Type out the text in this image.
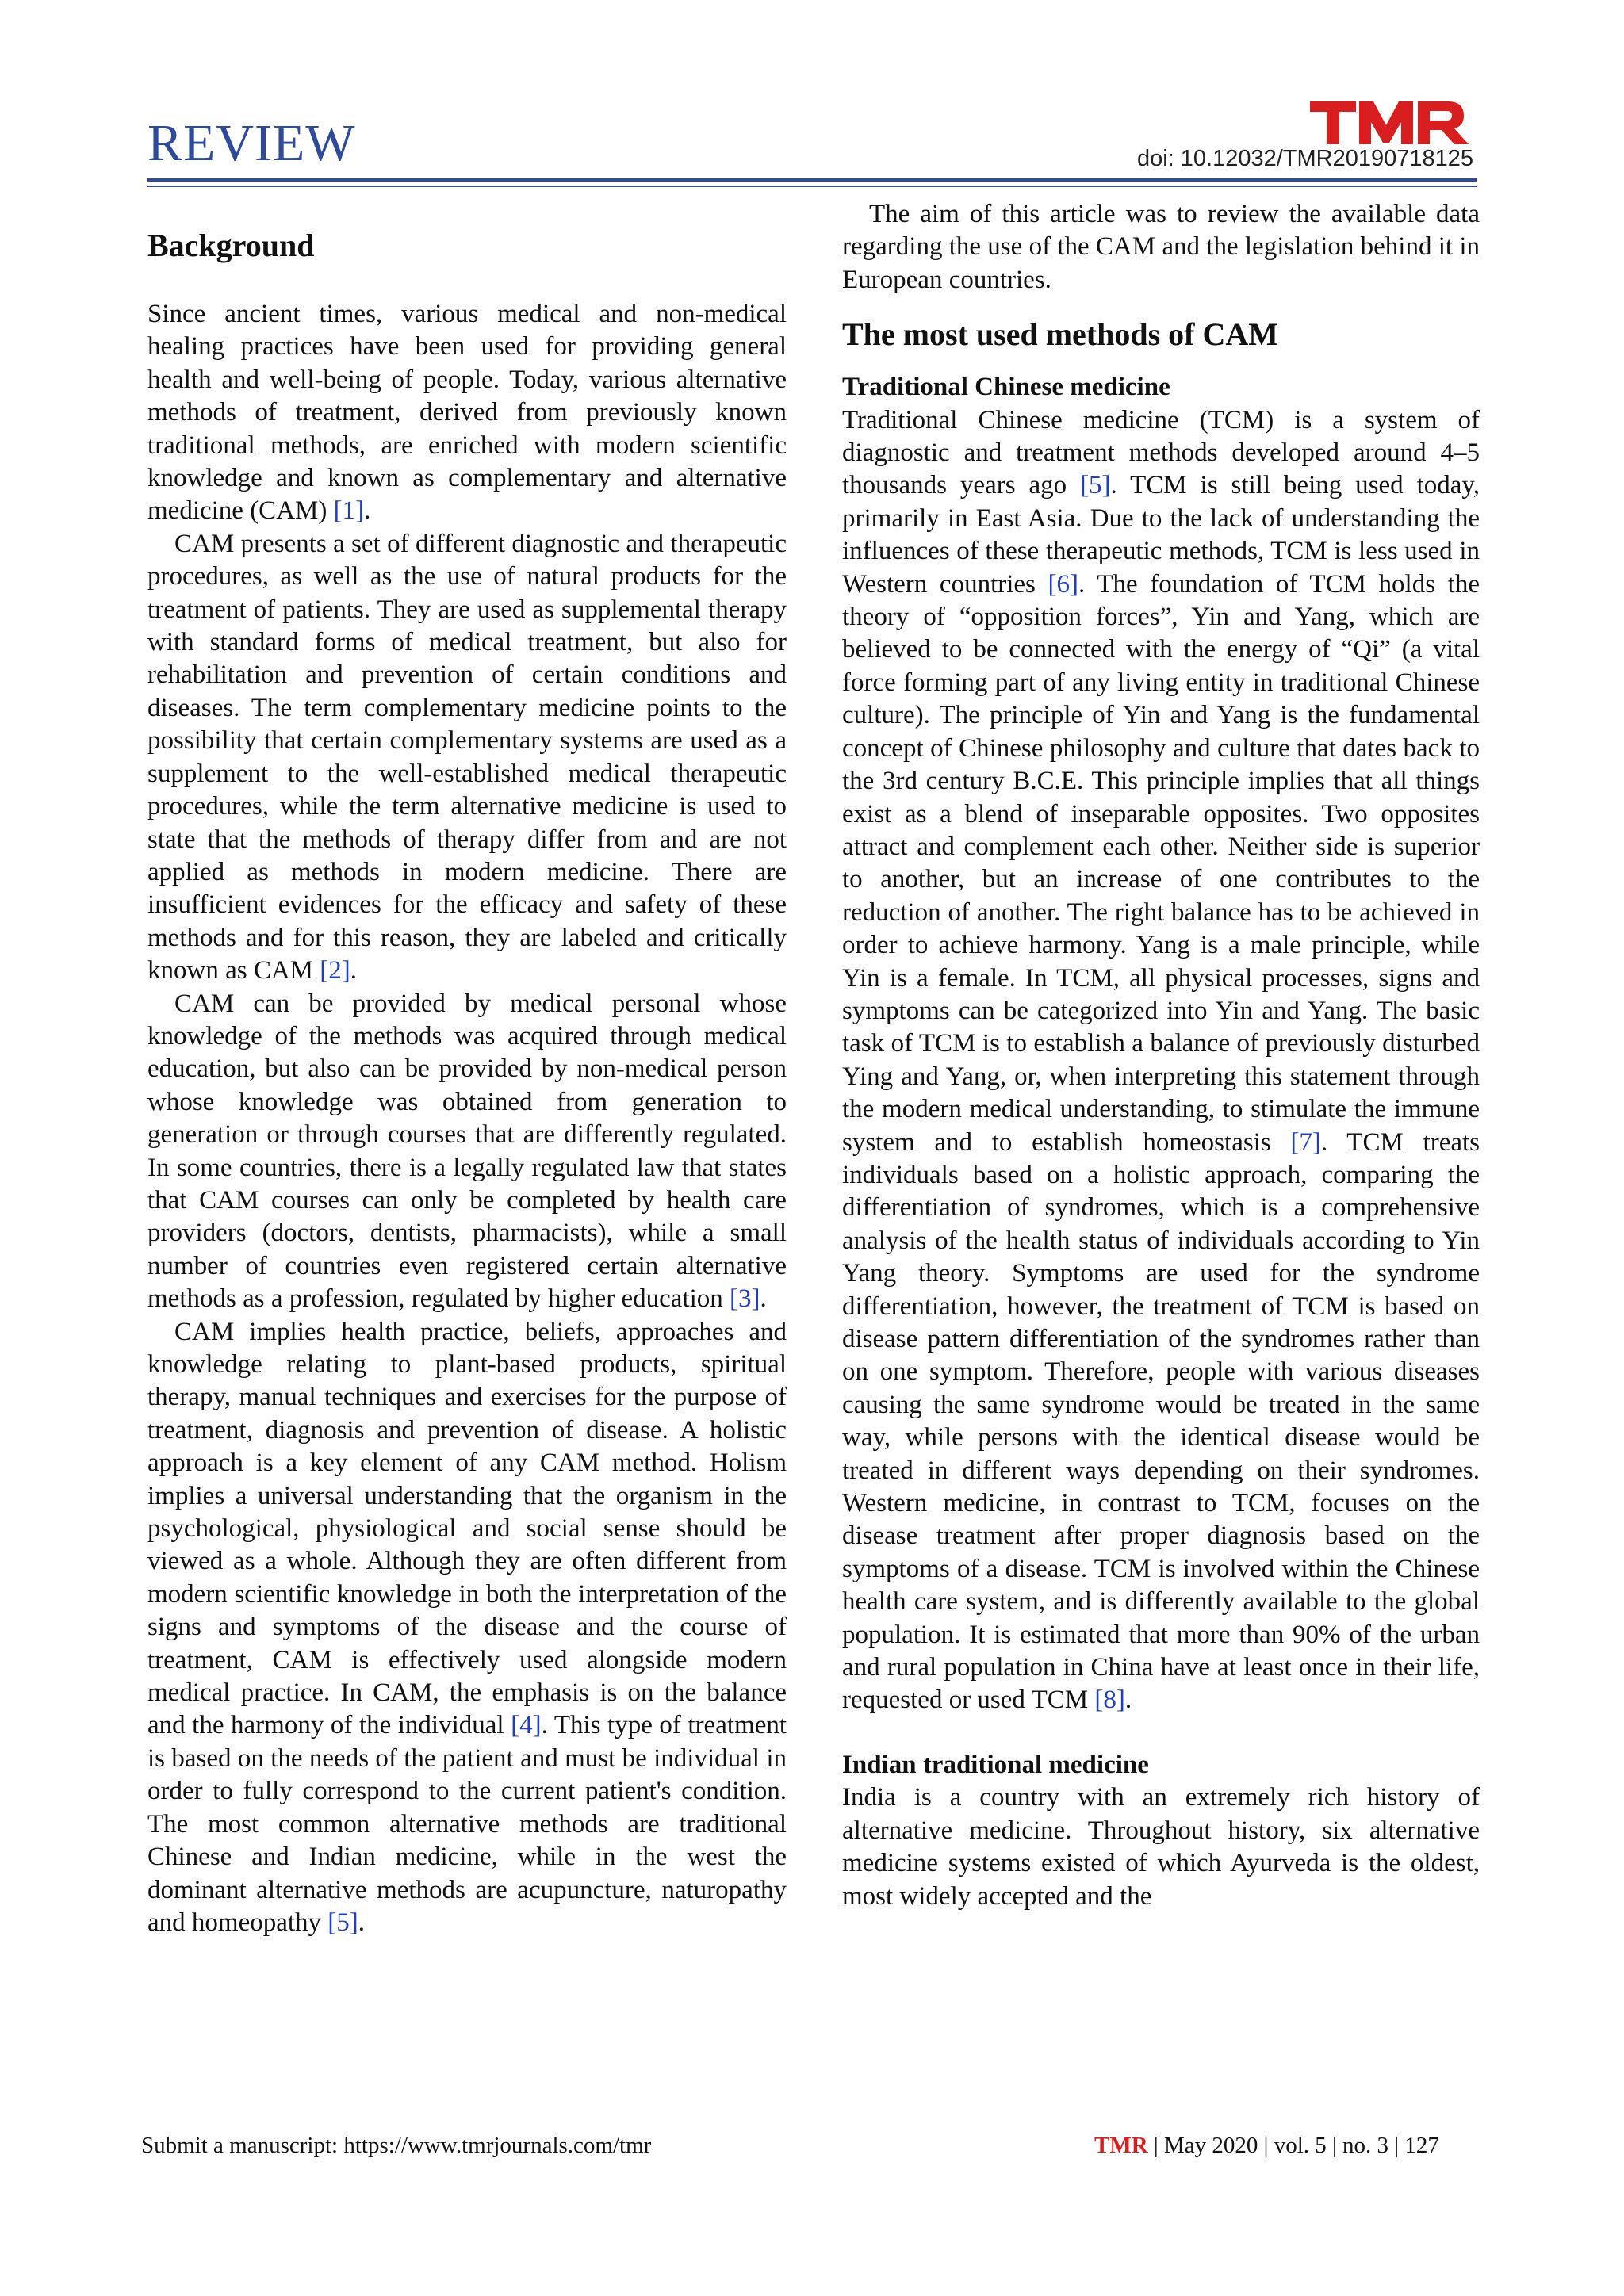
REVIEW	doi: 10.12032/TMR20190718125
Background

Since ancient times, various medical and non-medical healing practices have been used for providing general health and well-being of people. Today, various alternative methods of treatment, derived from previously known traditional methods, are enriched with modern scientific knowledge and known as complementary and alternative medicine (CAM) [1].

CAM presents a set of different diagnostic and therapeutic procedures, as well as the use of natural products for the treatment of patients. They are used as supplemental therapy with standard forms of medical treatment, but also for rehabilitation and prevention of certain conditions and diseases. The term complementary medicine points to the possibility that certain complementary systems are used as a supplement to the well-established medical therapeutic procedures, while the term alternative medicine is used to state that the methods of therapy differ from and are not applied as methods in modern medicine. There are insufficient evidences for the efficacy and safety of these methods and for this reason, they are labeled and critically known as CAM [2].

CAM can be provided by medical personal whose knowledge of the methods was acquired through medical education, but also can be provided by non-medical person whose knowledge was obtained from generation to generation or through courses that are differently regulated. In some countries, there is a legally regulated law that states that CAM courses can only be completed by health care providers (doctors, dentists, pharmacists), while a small number of countries even registered certain alternative methods as a profession, regulated by higher education [3].

CAM implies health practice, beliefs, approaches and knowledge relating to plant-based products, spiritual therapy, manual techniques and exercises for the purpose of treatment, diagnosis and prevention of disease. A holistic approach is a key element of any CAM method. Holism implies a universal understanding that the organism in the psychological, physiological and social sense should be viewed as a whole. Although they are often different from modern scientific knowledge in both the interpretation of the signs and symptoms of the disease and the course of treatment, CAM is effectively used alongside modern medical practice. In CAM, the emphasis is on the balance and the harmony of the individual [4]. This type of treatment is based on the needs of the patient and must be individual in order to fully correspond to the current patient's condition. The most common alternative methods are traditional Chinese and Indian medicine, while in the west the dominant alternative methods are acupuncture, naturopathy and homeopathy [5].

The aim of this article was to review the available data regarding the use of the CAM and the legislation behind it in European countries.

The most used methods of CAM
Traditional Chinese medicine

Traditional Chinese medicine (TCM) is a system of diagnostic and treatment methods developed around 4–5 thousands years ago [5]. TCM is still being used today, primarily in East Asia. Due to the lack of understanding the influences of these therapeutic methods, TCM is less used in Western countries [6]. The foundation of TCM holds the theory of “opposition forces”, Yin and Yang, which are believed to be connected with the energy of “Qi” (a vital force forming part of any living entity in traditional Chinese culture). The principle of Yin and Yang is the fundamental concept of Chinese philosophy and culture that dates back to the 3rd century B.C.E. This principle implies that all things exist as a blend of inseparable opposites. Two opposites attract and complement each other. Neither side is superior to another, but an increase of one contributes to the reduction of another. The right balance has to be achieved in order to achieve harmony. Yang is a male principle, while Yin is a female. In TCM, all physical processes, signs and symptoms can be categorized into Yin and Yang. The basic task of TCM is to establish a balance of previously disturbed Ying and Yang, or, when interpreting this statement through the modern medical understanding, to stimulate the immune system and to establish homeostasis [7]. TCM treats individuals based on a holistic approach, comparing the differentiation of syndromes, which is a comprehensive analysis of the health status of individuals according to Yin Yang theory. Symptoms are used for the syndrome differentiation, however, the treatment of TCM is based on disease pattern differentiation of the syndromes rather than on one symptom. Therefore, people with various diseases causing the same syndrome would be treated in the same way, while persons with the identical disease would be treated in different ways depending on their syndromes. Western medicine, in contrast to TCM, focuses on the disease treatment after proper diagnosis based on the symptoms of a disease. TCM is involved within the Chinese health care system, and is differently available to the global population. It is estimated that more than 90% of the urban and rural population in China have at least once in their life, requested or used TCM [8].

Indian traditional medicine

India is a country with an extremely rich history of alternative medicine. Throughout history, six alternative medicine systems existed of which Ayurveda is the oldest, most widely accepted and the

Submit a manuscript: https://www.tmrjournals.com/tmr	TMR | May 2020 | vol. 5 | no. 3 | 127
